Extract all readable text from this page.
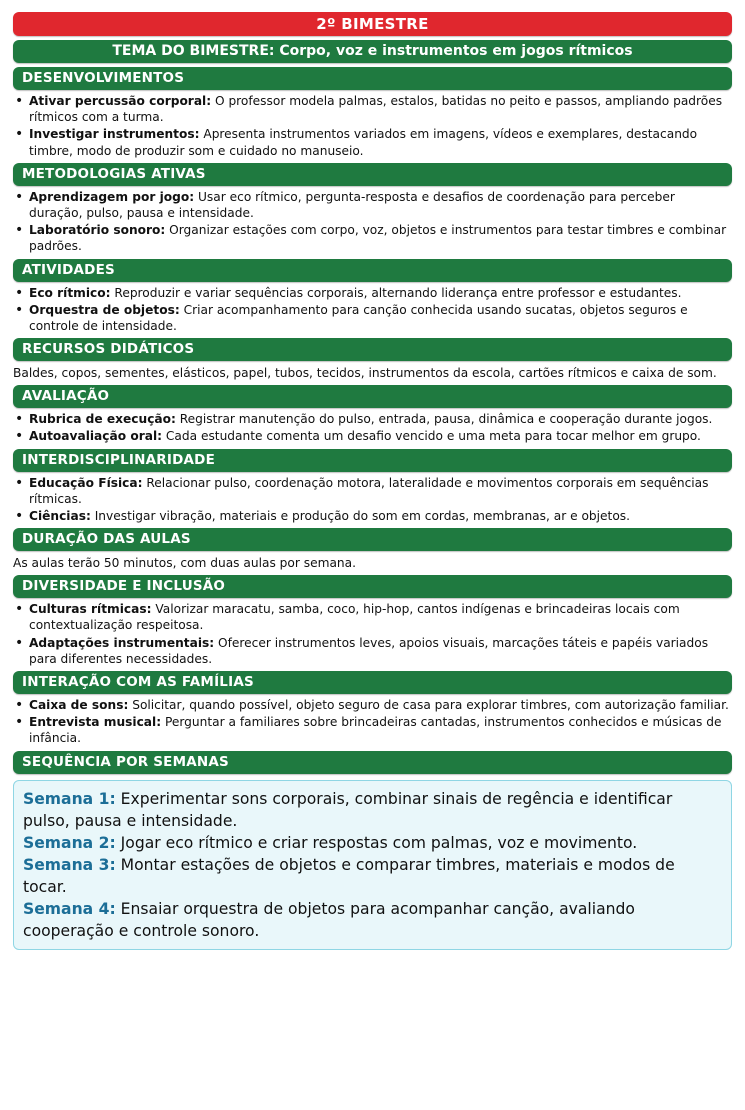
2º BIMESTRE
TEMA DO BIMESTRE: Corpo, voz e instrumentos em jogos rítmicos
DESENVOLVIMENTOS
• Ativar percussão corporal: O professor modela palmas, estalos, batidas no peito e passos, ampliando padrões rítmicos com a turma.
• Investigar instrumentos: Apresenta instrumentos variados em imagens, vídeos e exemplares, destacando timbre, modo de produzir som e cuidado no manuseio.
METODOLOGIAS ATIVAS
• Aprendizagem por jogo: Usar eco rítmico, pergunta-resposta e desafios de coordenação para perceber duração, pulso, pausa e intensidade.
• Laboratório sonoro: Organizar estações com corpo, voz, objetos e instrumentos para testar timbres e combinar padrões.
ATIVIDADES
• Eco rítmico: Reproduzir e variar sequências corporais, alternando liderança entre professor e estudantes.
• Orquestra de objetos: Criar acompanhamento para canção conhecida usando sucatas, objetos seguros e controle de intensidade.
RECURSOS DIDÁTICOS
Baldes, copos, sementes, elásticos, papel, tubos, tecidos, instrumentos da escola, cartões rítmicos e caixa de som.
AVALIAÇÃO
• Rubrica de execução: Registrar manutenção do pulso, entrada, pausa, dinâmica e cooperação durante jogos.
• Autoavaliação oral: Cada estudante comenta um desafio vencido e uma meta para tocar melhor em grupo.
INTERDISCIPLINARIDADE
• Educação Física: Relacionar pulso, coordenação motora, lateralidade e movimentos corporais em sequências rítmicas.
• Ciências: Investigar vibração, materiais e produção do som em cordas, membranas, ar e objetos.
DURAÇÃO DAS AULAS
As aulas terão 50 minutos, com duas aulas por semana.
DIVERSIDADE E INCLUSÃO
• Culturas rítmicas: Valorizar maracatu, samba, coco, hip-hop, cantos indígenas e brincadeiras locais com contextualização respeitosa.
• Adaptações instrumentais: Oferecer instrumentos leves, apoios visuais, marcações táteis e papéis variados para diferentes necessidades.
INTERAÇÃO COM AS FAMÍLIAS
• Caixa de sons: Solicitar, quando possível, objeto seguro de casa para explorar timbres, com autorização familiar.
• Entrevista musical: Perguntar a familiares sobre brincadeiras cantadas, instrumentos conhecidos e músicas de infância.
SEQUÊNCIA POR SEMANAS
Semana 1: Experimentar sons corporais, combinar sinais de regência e identificar pulso, pausa e intensidade.
Semana 2: Jogar eco rítmico e criar respostas com palmas, voz e movimento.
Semana 3: Montar estações de objetos e comparar timbres, materiais e modos de tocar.
Semana 4: Ensaiar orquestra de objetos para acompanhar canção, avaliando cooperação e controle sonoro.
